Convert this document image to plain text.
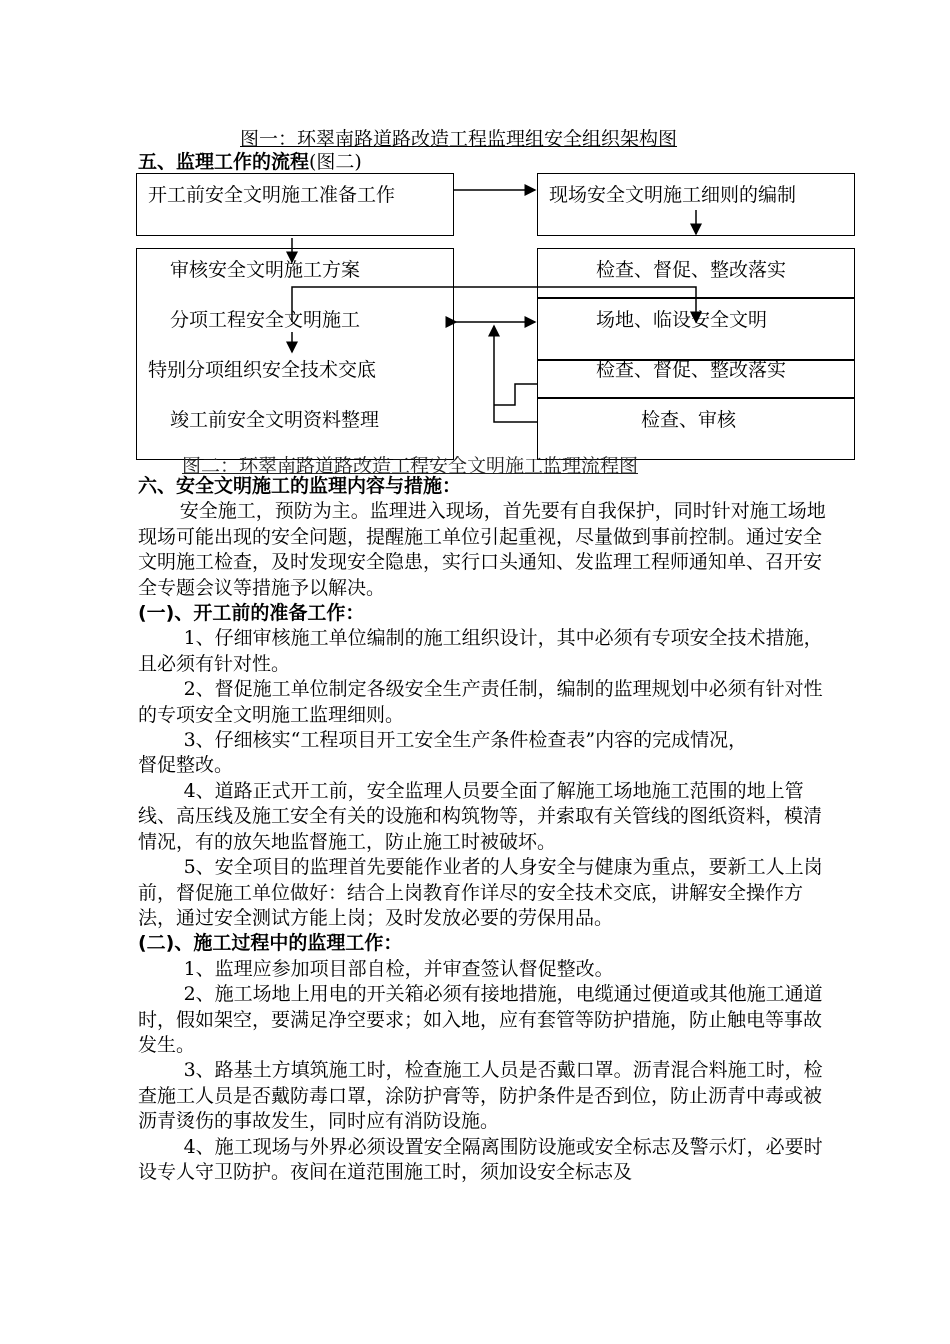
图一：环翠南路道路改造工程监理组安全组织架构图
五、监理工作的流程(图二)
开工前安全文明施工准备工作	现场安全文明施工细则的编制
审核安全文明施工方案	检查、督促、整改落实
分项工程安全文明施工	场地、临设安全文明
特别分项组织安全技术交底	检查、督促、整改落实
竣工前安全文明资料整理	检查、审核
图二：环翠南路道路改造工程安全文明施工监理流程图

六、安全文明施工的监理内容与措施：

安全施工，预防为主。监理进入现场，首先要有自我保护，同时针对施工场地现场可能出现的安全问题，提醒施工单位引起重视，尽量做到事前控制。通过安全文明施工检查，及时发现安全隐患，实行口头通知、发监理工程师通知单、召开安全专题会议等措施予以解决。

(一)、开工前的准备工作：

1、仔细审核施工单位编制的施工组织设计，其中必须有专项安全技术措施，且必须有针对性。

2、督促施工单位制定各级安全生产责任制，编制的监理规划中必须有针对性的专项安全文明施工监理细则。

3、仔细核实“工程项目开工安全生产条件检查表”内容的完成情况，

督促整改。

4、道路正式开工前，安全监理人员要全面了解施工场地施工范围的地上管线、高压线及施工安全有关的设施和构筑物等，并索取有关管线的图纸资料，模清情况，有的放矢地监督施工，防止施工时被破坏。

5、安全项目的监理首先要能作业者的人身安全与健康为重点，要新工人上岗前，督促施工单位做好：结合上岗教育作详尽的安全技术交底，讲解安全操作方法，通过安全测试方能上岗；及时发放必要的劳保用品。

(二)、施工过程中的监理工作：

1、监理应参加项目部自检，并审查签认督促整改。

2、施工场地上用电的开关箱必须有接地措施，电缆通过便道或其他施工通道时，假如架空，要满足净空要求；如入地，应有套管等防护措施，防止触电等事故发生。

3、路基土方填筑施工时，检查施工人员是否戴口罩。沥青混合料施工时，检查施工人员是否戴防毒口罩，涂防护膏等，防护条件是否到位，防止沥青中毒或被沥青烫伤的事故发生，同时应有消防设施。

4、施工现场与外界必须设置安全隔离围防设施或安全标志及警示灯，必要时设专人守卫防护。夜间在道范围施工时，须加设安全标志及
